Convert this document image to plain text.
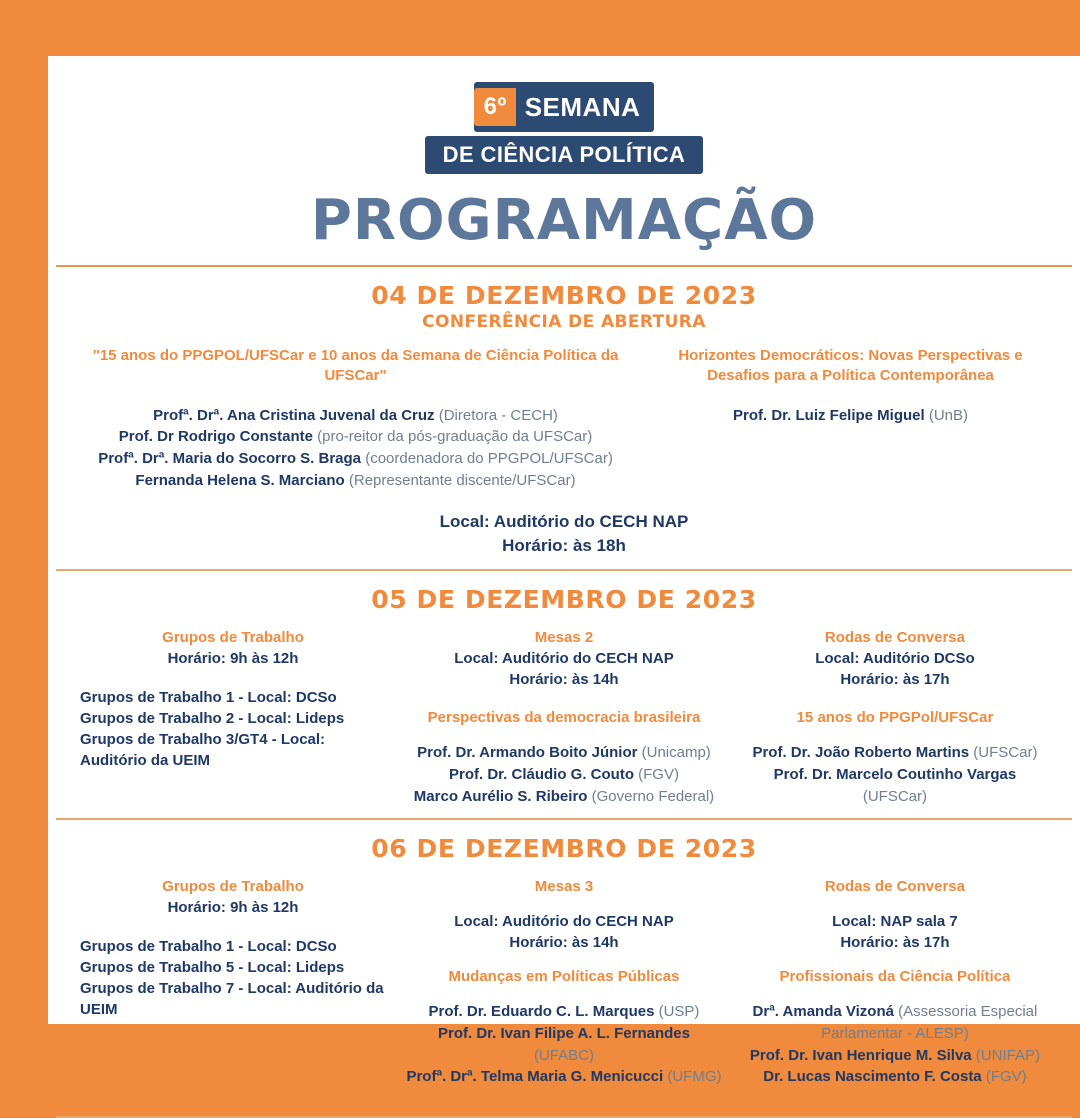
6º SEMANA
DE CIÊNCIA POLÍTICA
PROGRAMAÇÃO
04 DE DEZEMBRO DE 2023
CONFERÊNCIA DE ABERTURA
"15 anos do PPGPOL/UFSCar e 10 anos da Semana de Ciência Política da UFSCar"
Profª. Drª. Ana Cristina Juvenal da Cruz (Diretora - CECH)
Prof. Dr Rodrigo Constante (pro-reitor da pós-graduação da UFSCar)
Profª. Drª. Maria do Socorro S. Braga (coordenadora do PPGPOL/UFSCar)
Fernanda Helena S. Marciano (Representante discente/UFSCar)
Horizontes Democráticos: Novas Perspectivas e Desafios para a Política Contemporânea
Prof. Dr. Luiz Felipe Miguel (UnB)
Local: Auditório do CECH NAP
Horário: às 18h
05 DE DEZEMBRO DE 2023
Grupos de Trabalho
Horário: 9h às 12h
Grupos de Trabalho 1 - Local: DCSo
Grupos de Trabalho 2 - Local: Lideps
Grupos de Trabalho 3/GT4 - Local: Auditório da UEIM
Mesas 2
Local: Auditório do CECH NAP
Horário: às 14h
Perspectivas da democracia brasileira
Prof. Dr. Armando Boito Júnior (Unicamp)
Prof. Dr. Cláudio G. Couto (FGV)
Marco Aurélio S. Ribeiro (Governo Federal)
Rodas de Conversa
Local: Auditório DCSo
Horário: às 17h
15 anos do PPGPol/UFSCar
Prof. Dr. João Roberto Martins (UFSCar)
Prof. Dr. Marcelo Coutinho Vargas (UFSCar)
06 DE DEZEMBRO DE 2023
Grupos de Trabalho
Horário: 9h às 12h
Grupos de Trabalho 1 - Local: DCSo
Grupos de Trabalho 5 - Local: Lideps
Grupos de Trabalho 7 - Local: Auditório da UEIM
Mesas 3
Local: Auditório do CECH NAP
Horário: às 14h
Mudanças em Políticas Públicas
Prof. Dr. Eduardo C. L. Marques (USP)
Prof. Dr. Ivan Filipe A. L. Fernandes (UFABC)
Profª. Drª. Telma Maria G. Menicucci (UFMG)
Rodas de Conversa
Local: NAP sala 7
Horário: às 17h
Profissionais da Ciência Política
Drª. Amanda Vizoná (Assessoria Especial Parlamentar - ALESP)
Prof. Dr. Ivan Henrique M. Silva (UNIFAP)
Dr. Lucas Nascimento F. Costa (FGV)
